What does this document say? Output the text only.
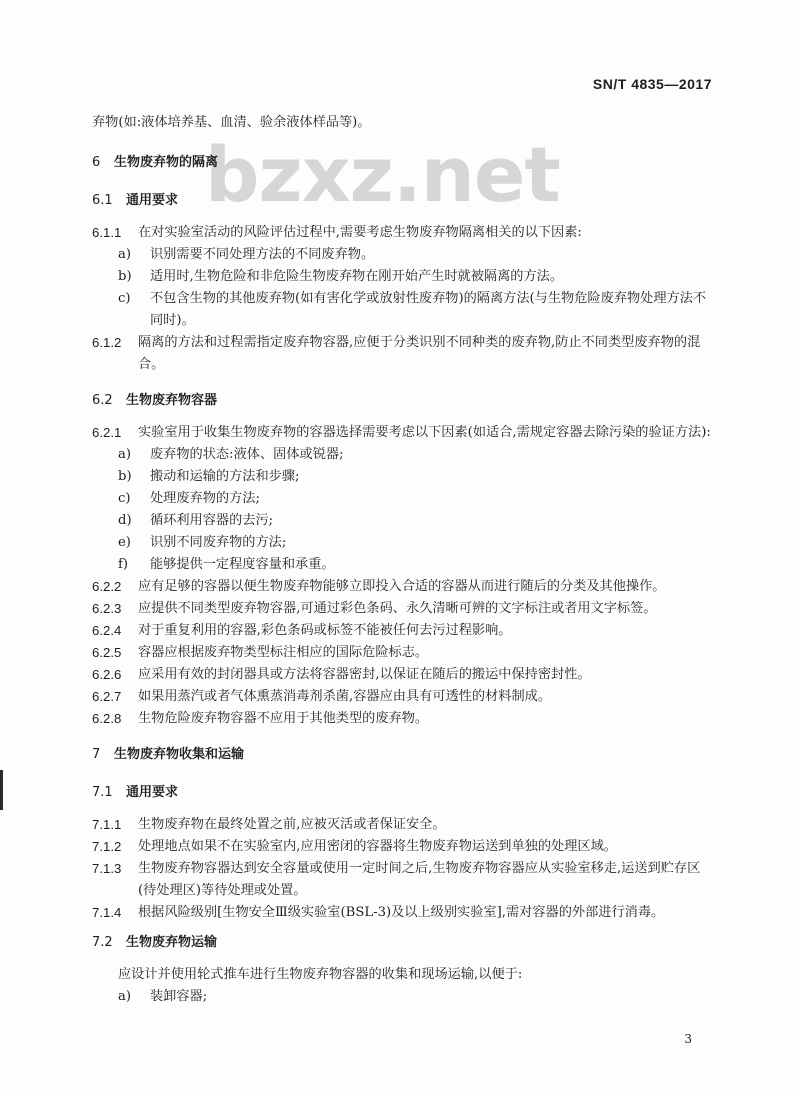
SN/T 4835—2017
bzxz.net

弃物(如:液体培养基、血清、验余液体样品等)。

6 生物废弃物的隔离

6.1 通用要求

6.1.1	在对实验室活动的风险评估过程中,需要考虑生物废弃物隔离相关的以下因素:

a)	识别需要不同处理方法的不同废弃物。

b)	适用时,生物危险和非危险生物废弃物在刚开始产生时就被隔离的方法。

c)	不包含生物的其他废弃物(如有害化学或放射性废弃物)的隔离方法(与生物危险废弃物处理方法不同时)。

6.1.2	隔离的方法和过程需指定废弃物容器,应便于分类识别不同种类的废弃物,防止不同类型废弃物的混合。

6.2 生物废弃物容器

6.2.1	实验室用于收集生物废弃物的容器选择需要考虑以下因素(如适合,需规定容器去除污染的验证方法):

a)	废弃物的状态:液体、固体或锐器;

b)	搬动和运输的方法和步骤;

c)	处理废弃物的方法;

d)	循环利用容器的去污;

e)	识别不同废弃物的方法;

f)	能够提供一定程度容量和承重。

6.2.2	应有足够的容器以便生物废弃物能够立即投入合适的容器从而进行随后的分类及其他操作。

6.2.3	应提供不同类型废弃物容器,可通过彩色条码、永久清晰可辨的文字标注或者用文字标签。

6.2.4	对于重复利用的容器,彩色条码或标签不能被任何去污过程影响。

6.2.5	容器应根据废弃物类型标注相应的国际危险标志。

6.2.6	应采用有效的封闭器具或方法将容器密封,以保证在随后的搬运中保持密封性。

6.2.7	如果用蒸汽或者气体熏蒸消毒剂杀菌,容器应由具有可透性的材料制成。

6.2.8	生物危险废弃物容器不应用于其他类型的废弃物。

7 生物废弃物收集和运输

7.1 通用要求

7.1.1	生物废弃物在最终处置之前,应被灭活或者保证安全。

7.1.2	处理地点如果不在实验室内,应用密闭的容器将生物废弃物运送到单独的处理区域。

7.1.3	生物废弃物容器达到安全容量或使用一定时间之后,生物废弃物容器应从实验室移走,运送到贮存区(待处理区)等待处理或处置。

7.1.4	根据风险级别[生物安全Ⅲ级实验室(BSL-3)及以上级别实验室],需对容器的外部进行消毒。

7.2 生物废弃物运输

应设计并使用轮式推车进行生物废弃物容器的收集和现场运输,以便于:

a)	装卸容器;

3
